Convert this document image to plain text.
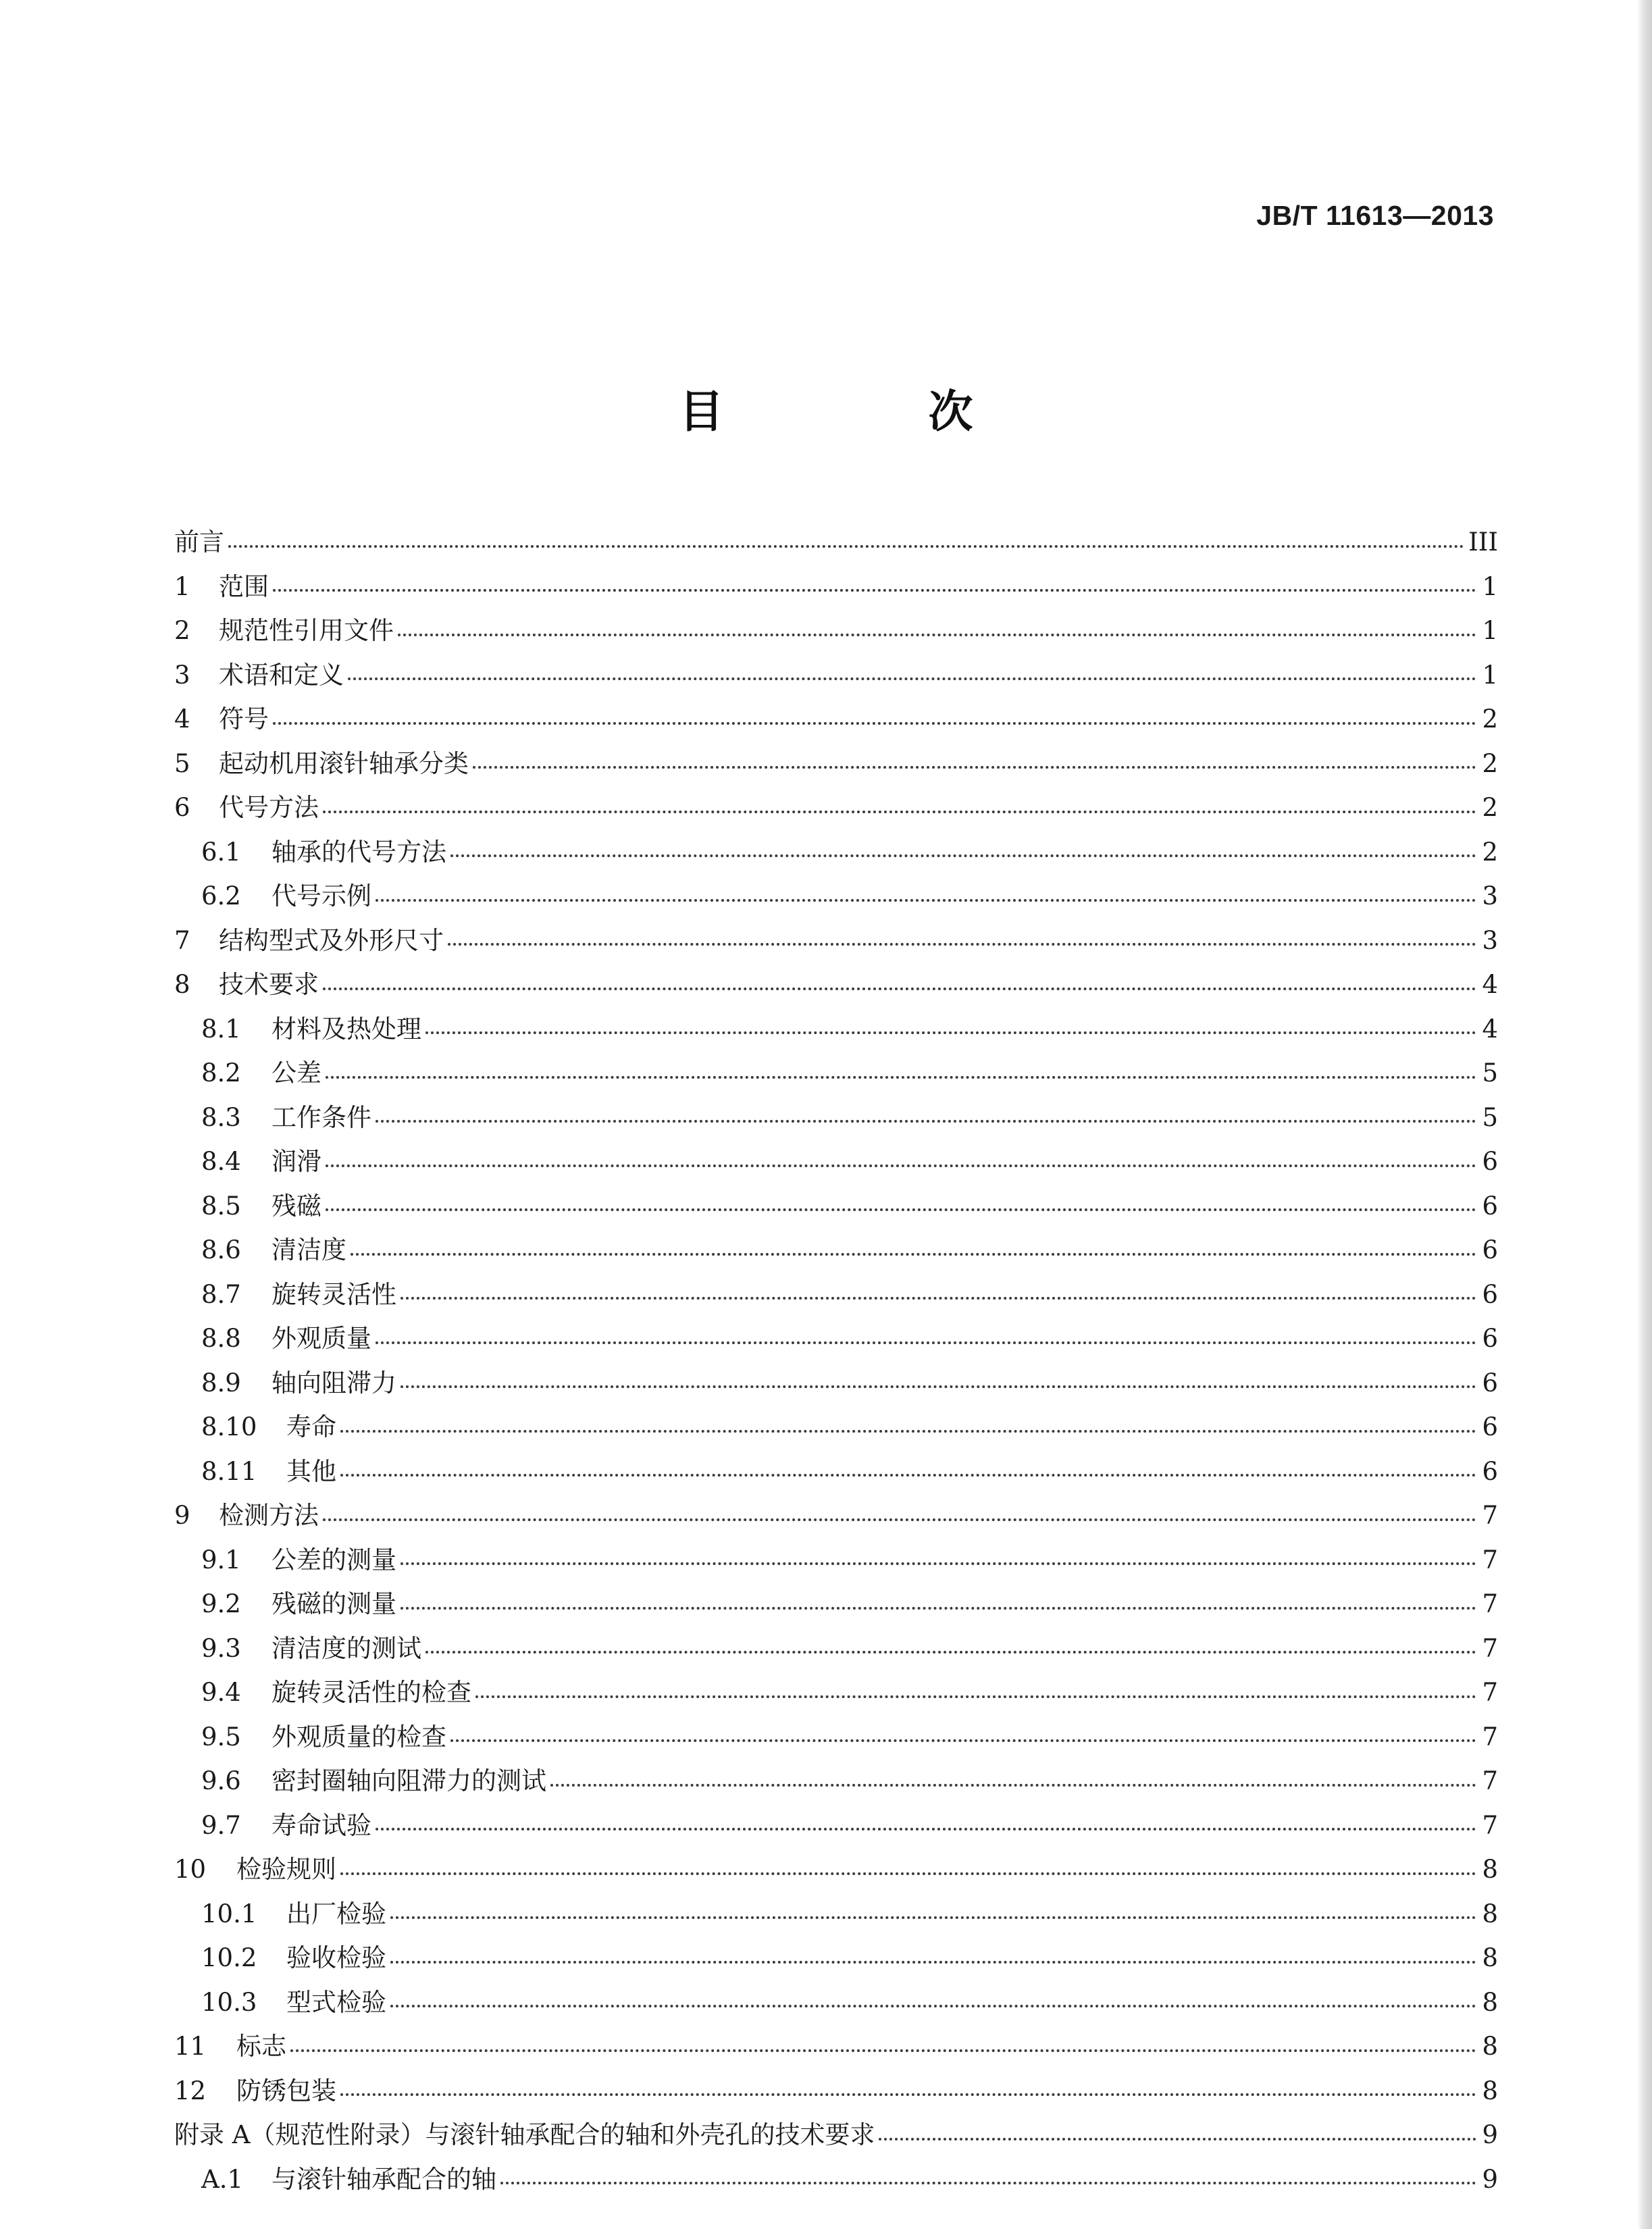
JB/T 11613—2013
目 次
前言	III
1	范围	1
2	规范性引用文件	1
3	术语和定义	1
4	符号	2
5	起动机用滚针轴承分类	2
6	代号方法	2
6.1	轴承的代号方法	2
6.2	代号示例	3
7	结构型式及外形尺寸	3
8	技术要求	4
8.1	材料及热处理	4
8.2	公差	5
8.3	工作条件	5
8.4	润滑	6
8.5	残磁	6
8.6	清洁度	6
8.7	旋转灵活性	6
8.8	外观质量	6
8.9	轴向阻滞力	6
8.10	寿命	6
8.11	其他	6
9	检测方法	7
9.1	公差的测量	7
9.2	残磁的测量	7
9.3	清洁度的测试	7
9.4	旋转灵活性的检查	7
9.5	外观质量的检查	7
9.6	密封圈轴向阻滞力的测试	7
9.7	寿命试验	7
10	检验规则	8
10.1	出厂检验	8
10.2	验收检验	8
10.3	型式检验	8
11	标志	8
12	防锈包装	8
附录 A（规范性附录）与滚针轴承配合的轴和外壳孔的技术要求	9
A.1	与滚针轴承配合的轴	9
